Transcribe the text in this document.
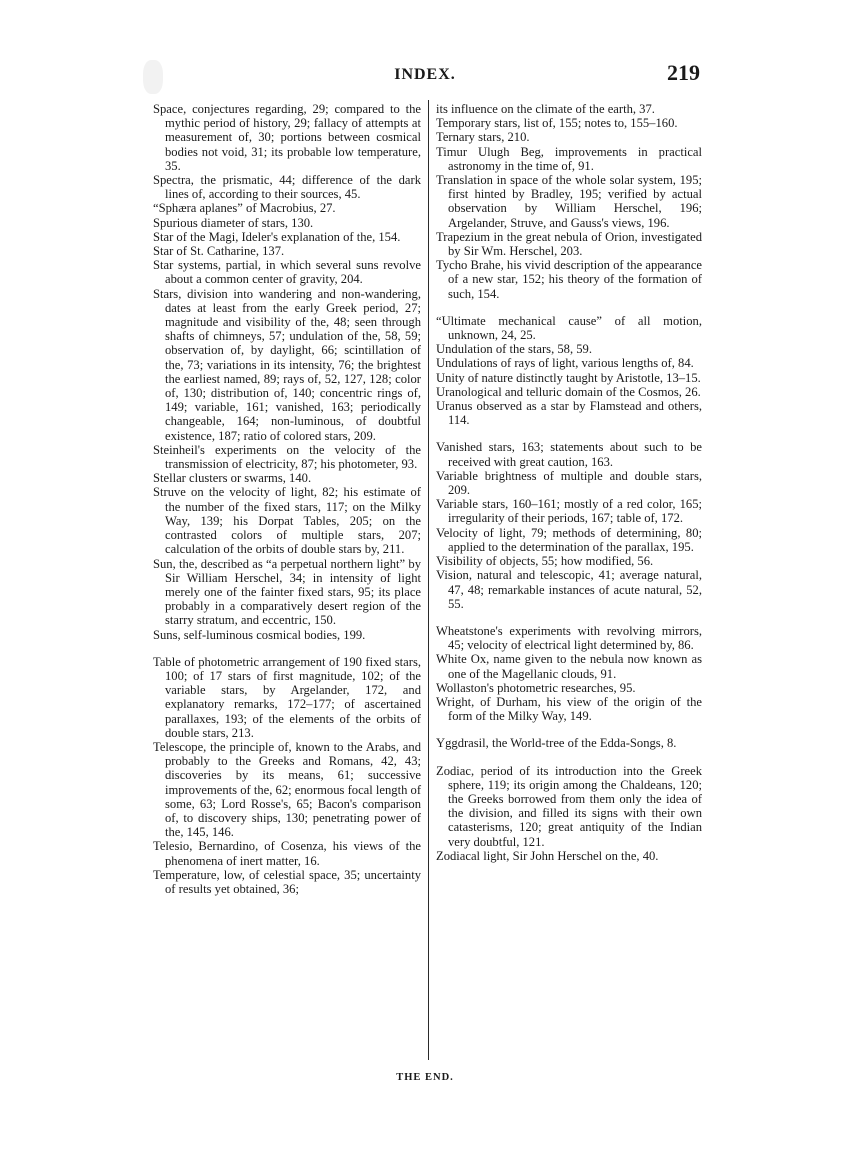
INDEX.	219

Space, conjectures regarding, 29; compared to the mythic period of history, 29; fallacy of attempts at measurement of, 30; portions between cosmical bodies not void, 31; its probable low temperature, 35.

Spectra, the prismatic, 44; difference of the dark lines of, according to their sources, 45.

“Sphæra aplanes” of Macrobius, 27.

Spurious diameter of stars, 130.

Star of the Magi, Ideler's explanation of the, 154.

Star of St. Catharine, 137.

Star systems, partial, in which several suns revolve about a common center of gravity, 204.

Stars, division into wandering and non-wandering, dates at least from the early Greek period, 27; magnitude and visibility of the, 48; seen through shafts of chimneys, 57; undulation of the, 58, 59; observation of, by daylight, 66; scintillation of the, 73; variations in its intensity, 76; the brightest the earliest named, 89; rays of, 52, 127, 128; color of, 130; distribution of, 140; concentric rings of, 149; variable, 161; vanished, 163; periodically changeable, 164; non-luminous, of doubtful existence, 187; ratio of colored stars, 209.

Steinheil's experiments on the velocity of the transmission of electricity, 87; his photometer, 93.

Stellar clusters or swarms, 140.

Struve on the velocity of light, 82; his estimate of the number of the fixed stars, 117; on the Milky Way, 139; his Dorpat Tables, 205; on the contrasted colors of multiple stars, 207; calculation of the orbits of double stars by, 211.

Sun, the, described as “a perpetual northern light” by Sir William Herschel, 34; in intensity of light merely one of the fainter fixed stars, 95; its place probably in a comparatively desert region of the starry stratum, and eccentric, 150.

Suns, self-luminous cosmical bodies, 199.

Table of photometric arrangement of 190 fixed stars, 100; of 17 stars of first magnitude, 102; of the variable stars, by Argelander, 172, and explanatory remarks, 172–177; of ascertained parallaxes, 193; of the elements of the orbits of double stars, 213.

Telescope, the principle of, known to the Arabs, and probably to the Greeks and Romans, 42, 43; discoveries by its means, 61; successive improvements of the, 62; enormous focal length of some, 63; Lord Rosse's, 65; Bacon's comparison of, to discovery ships, 130; penetrating power of the, 145, 146.

Telesio, Bernardino, of Cosenza, his views of the phenomena of inert matter, 16.

Temperature, low, of celestial space, 35; uncertainty of results yet obtained, 36;

its influence on the climate of the earth, 37.

Temporary stars, list of, 155; notes to, 155–160.

Ternary stars, 210.

Timur Ulugh Beg, improvements in practical astronomy in the time of, 91.

Translation in space of the whole solar system, 195; first hinted by Bradley, 195; verified by actual observation by William Herschel, 196; Argelander, Struve, and Gauss's views, 196.

Trapezium in the great nebula of Orion, investigated by Sir Wm. Herschel, 203.

Tycho Brahe, his vivid description of the appearance of a new star, 152; his theory of the formation of such, 154.

“Ultimate mechanical cause” of all motion, unknown, 24, 25.

Undulation of the stars, 58, 59.

Undulations of rays of light, various lengths of, 84.

Unity of nature distinctly taught by Aristotle, 13–15.

Uranological and telluric domain of the Cosmos, 26.

Uranus observed as a star by Flamstead and others, 114.

Vanished stars, 163; statements about such to be received with great caution, 163.

Variable brightness of multiple and double stars, 209.

Variable stars, 160–161; mostly of a red color, 165; irregularity of their periods, 167; table of, 172.

Velocity of light, 79; methods of determining, 80; applied to the determination of the parallax, 195.

Visibility of objects, 55; how modified, 56.

Vision, natural and telescopic, 41; average natural, 47, 48; remarkable instances of acute natural, 52, 55.

Wheatstone's experiments with revolving mirrors, 45; velocity of electrical light determined by, 86.

White Ox, name given to the nebula now known as one of the Magellanic clouds, 91.

Wollaston's photometric researches, 95.

Wright, of Durham, his view of the origin of the form of the Milky Way, 149.

Yggdrasil, the World-tree of the Edda-Songs, 8.

Zodiac, period of its introduction into the Greek sphere, 119; its origin among the Chaldeans, 120; the Greeks borrowed from them only the idea of the division, and filled its signs with their own catasterisms, 120; great antiquity of the Indian very doubtful, 121.

Zodiacal light, Sir John Herschel on the, 40.

THE END.
